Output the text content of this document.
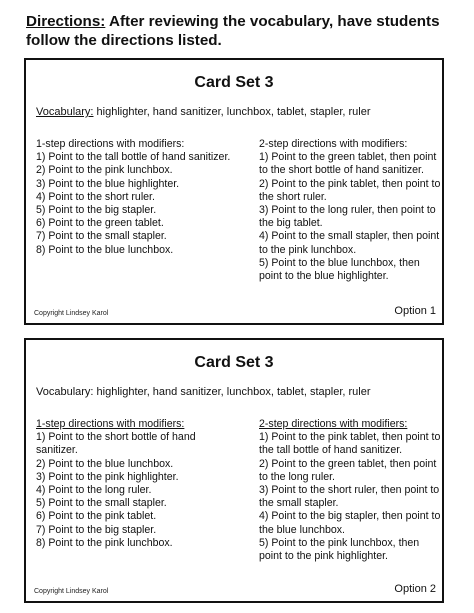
Directions: After reviewing the vocabulary, have students follow the directions listed.
Card Set 3
Vocabulary: highlighter, hand sanitizer, lunchbox, tablet, stapler, ruler
1-step directions with modifiers:
1) Point to the tall bottle of hand sanitizer.
2) Point to the pink lunchbox.
3) Point to the blue highlighter.
4) Point to the short ruler.
5) Point to the big stapler.
6) Point to the green tablet.
7) Point to the small stapler.
8) Point to the blue lunchbox.
2-step directions with modifiers:
1) Point to the green tablet, then point to the short bottle of hand sanitizer.
2) Point to the pink tablet, then point to the short ruler.
3) Point to the long ruler, then point to the big tablet.
4) Point to the small stapler, then point to the pink lunchbox.
5) Point to the blue lunchbox, then point to the blue highlighter.
Copyright Lindsey Karol	Option 1
Card Set 3
Vocabulary: highlighter, hand sanitizer, lunchbox, tablet, stapler, ruler
1-step directions with modifiers:
1) Point to the short bottle of hand sanitizer.
2) Point to the blue lunchbox.
3) Point to the pink highlighter.
4) Point to the long ruler.
5) Point to the small stapler.
6) Point to the pink tablet.
7) Point to the big stapler.
8) Point to the pink lunchbox.
2-step directions with modifiers:
1) Point to the pink tablet, then point to the tall bottle of hand sanitizer.
2) Point to the green tablet, then point to the long ruler.
3) Point to the short ruler, then point to the small stapler.
4) Point to the big stapler, then point to the blue lunchbox.
5) Point to the pink lunchbox, then point to the pink highlighter.
Copyright Lindsey Karol	Option 2
